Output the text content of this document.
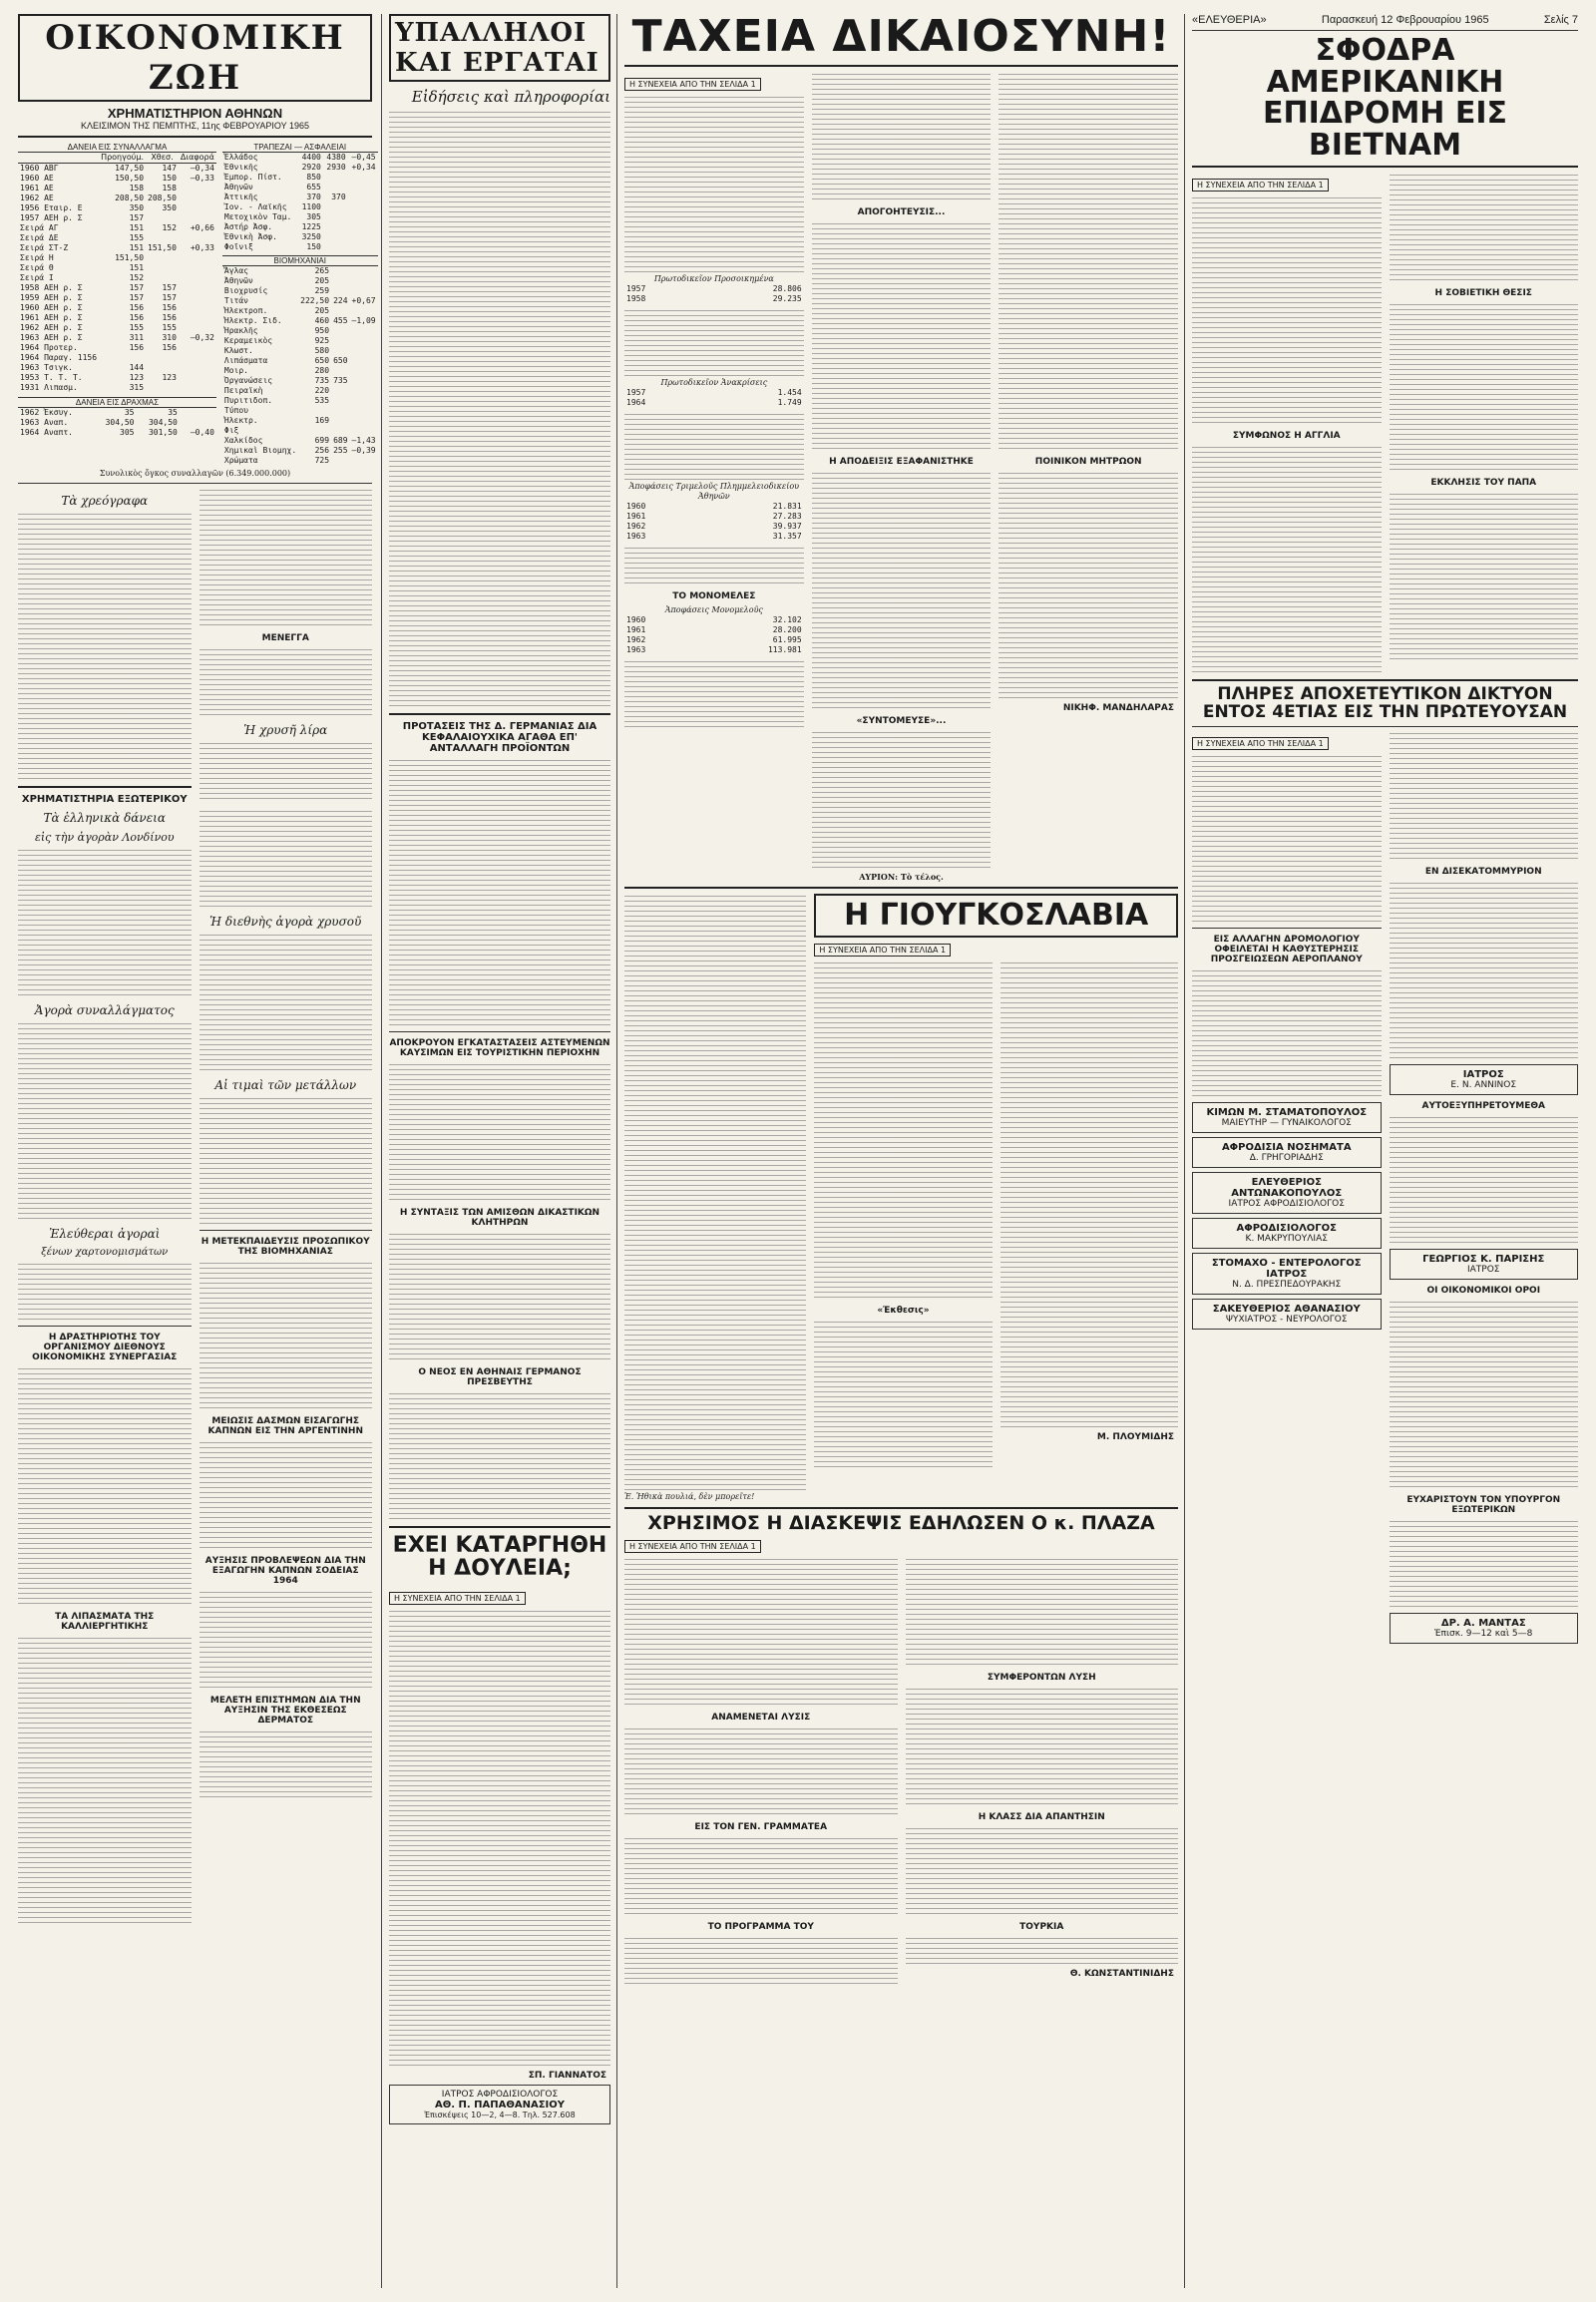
ΟΙΚΟΝΟΜΙΚΗ ΖΩΗ
ΧΡΗΜΑΤΙΣΤΗΡΙΟΝ ΑΘΗΝΩΝ
ΚΛΕΙΣΙΜΟΝ ΤΗΣ ΠΕΜΠΤΗΣ, 11ης ΦΕΒΡΟΥΑΡΙΟΥ 1965
ΔΑΝΕΙΑ ΕΙΣ ΣΥΝΑΛΛΑΓΜΑ
	Προηγούμ.	Χθεσ.	Διαφορά
1960 ΑΒΓ	147,50	147	—0,34
1960 ΑΕ	150,50	150	—0,33
1961 ΑΕ	158	158	
1962 ΑΕ	208,50	208,50	
1956 Εταιρ. Ε	350	350	
1957 ΑΕΗ ρ. Σ	157		
Σειρά ΑΓ	151	152	+0,66
Σειρά ΔΕ	155		
Σειρά ΣΤ-Ζ	151	151,50	+0,33
Σειρά Η	151,50		
Σειρά Θ	151		
Σειρά Ι	152		
1958 ΑΕΗ ρ. Σ	157	157	
1959 ΑΕΗ ρ. Σ	157	157	
1960 ΑΕΗ ρ. Σ	156	156	
1961 ΑΕΗ ρ. Σ	156	156	
1962 ΑΕΗ ρ. Σ	155	155	
1963 ΑΕΗ ρ. Σ	311	310	—0,32
1964 Προτερ.	156	156	
1964 Παραγ. 1156			
1963 Τσιγκ.	144		
1953 Τ. Τ. Τ.	123	123	
1931 Λιπασμ.	315		
ΔΑΝΕΙΑ ΕΙΣ ΔΡΑΧΜΑΣ
1962 Ἐκσυγ.	35	35	
1963 Αναπ.	304,50	304,50	
1964 Αναπτ.	305	301,50	—0,40
ΤΡΑΠΕΖΑΙ — ΑΣΦΑΛΕΙΑΙ
Ἑλλάδος	4400	4380	—0,45
Ἐθνικῆς	2920	2930	+0,34
Ἐμπορ. Πίστ.	850		
Ἀθηνῶν	655		
Ἀττικῆς	370	370	
Ἰον. - Λαϊκῆς	1100		
Μετοχικὸν Ταμ.	305		
Ἀστήρ Ἀσφ.	1225		
Ἐθνικὴ Ἀσφ.	3250		
Φοῖνιξ	150		
ΒΙΟΜΗΧΑΝΙΑΙ
Ἄγλας	265		
Ἀθηνῶν	205		
Βιοχρυσίς	259		
Τιτάν	222,50	224	+0,67
Ἡλεκτροπ.	205		
Ἡλεκτρ. Σιδ.	460	455	—1,09
Ἡρακλῆς	950		
Κεραμεικὸς	925		
Κλωστ.	580		
Λιπάσματα	650	650	
Μοιρ.	280		
Ὀργανώσεις	735	735	
Πειραϊκὴ	220		
Πυριτιδοπ.	535		
Τύπου			
Ἠλεκτρ.	169		
Φιξ			
Χαλκίδος	699	689	—1,43
Χημικαὶ Βιομηχ.	256	255	—0,39
Χρώματα	725		
Συνολικὸς ὄγκος συναλλαγῶν (6.349.000.000)
Τὰ χρεόγραφα
ΧΡΗΜΑΤΙΣΤΗΡΙΑ ΕΞΩΤΕΡΙΚΟΥ
Τὰ ἑλληνικὰ δάνεια
εἰς τὴν ἀγορὰν Λονδίνου
Ἀγορὰ συναλλάγματος
Ἐλεύθεραι ἀγοραὶ
ξένων χαρτονομισμάτων
Η ΔΡΑΣΤΗΡΙΟΤΗΣ ΤΟΥ ΟΡΓΑΝΙΣΜΟΥ ΔΙΕΘΝΟΥΣ ΟΙΚΟΝΟΜΙΚΗΣ ΣΥΝΕΡΓΑΣΙΑΣ
ΤΑ ΛΙΠΑΣΜΑΤΑ ΤΗΣ ΚΑΛΛΙΕΡΓΗΤΙΚΗΣ
ΜΕΝΕΓΓΑ
Ἡ χρυσῆ λίρα
Ἡ διεθνὴς ἀγορὰ χρυσοῦ
Αἱ τιμαὶ τῶν μετάλλων
Η ΜΕΤΕΚΠΑΙΔΕΥΣΙΣ ΠΡΟΣΩΠΙΚΟΥ ΤΗΣ ΒΙΟΜΗΧΑΝΙΑΣ
ΜΕΙΩΣΙΣ ΔΑΣΜΩΝ ΕΙΣΑΓΩΓΗΣ ΚΑΠΝΩΝ ΕΙΣ ΤΗΝ ΑΡΓΕΝΤΙΝΗΝ
ΑΥΞΗΣΙΣ ΠΡΟΒΛΕΨΕΩΝ ΔΙΑ ΤΗΝ ΕΞΑΓΩΓΗΝ ΚΑΠΝΩΝ ΣΟΔΕΙΑΣ 1964
ΜΕΛΕΤΗ ΕΠΙΣΤΗΜΩΝ ΔΙΑ ΤΗΝ ΑΥΞΗΣΙΝ ΤΗΣ ΕΚΘΕΣΕΩΣ ΔΕΡΜΑΤΟΣ
ΥΠΑΛΛΗΛΟΙ ΚΑΙ ΕΡΓΑΤΑΙ
Εἰδήσεις καὶ πληροφορίαι
ΠΡΟΤΑΣΕΙΣ ΤΗΣ Δ. ΓΕΡΜΑΝΙΑΣ ΔΙΑ ΚΕΦΑΛΑΙΟΥΧΙΚΑ ΑΓΑΘΑ ΕΠ' ΑΝΤΑΛΛΑΓΗ ΠΡΟΪΟΝΤΩΝ
ΑΠΟΚΡΟΥΟΝ ΕΓΚΑΤΑΣΤΑΣΕΙΣ ΑΣΤΕΥΜΕΝΩΝ ΚΑΥΣΙΜΩΝ ΕΙΣ ΤΟΥΡΙΣΤΙΚΗΝ ΠΕΡΙΟΧΗΝ
Η ΣΥΝΤΑΞΙΣ ΤΩΝ ΑΜΙΣΘΩΝ ΔΙΚΑΣΤΙΚΩΝ ΚΛΗΤΗΡΩΝ
Ο ΝΕΟΣ ΕΝ ΑΘΗΝΑΙΣ ΓΕΡΜΑΝΟΣ ΠΡΕΣΒΕΥΤΗΣ
ΕΧΕΙ ΚΑΤΑΡΓΗΘΗ Η ΔΟΥΛΕΙΑ;
Η ΣΥΝΕΧΕΙΑ ΑΠΟ ΤΗΝ ΣΕΛΙΔΑ 1
ΣΠ. ΓΙΑΝΝΑΤΟΣ
ΙΑΤΡΟΣ ΑΦΡΟΔΙΣΙΟΛΟΓΟΣ
ΑΘ. Π. ΠΑΠΑΘΑΝΑΣΙΟΥ
Ἐπισκέψεις 10—2, 4—8. Τηλ. 527.608
ΤΑΧΕΙΑ ΔΙΚΑΙΟΣΥΝΗ!
Η ΣΥΝΕΧΕΙΑ ΑΠΟ ΤΗΝ ΣΕΛΙΔΑ 1
Πρωτοδικεῖον Προσοικημένα
1957	28.806
1958	29.235
Πρωτοδικεῖον Ἀνακρίσεις
1957	1.454
1964	1.749
Ἀποφάσεις Τριμελοῦς Πλημμελειοδικείου Ἀθηνῶν
1960	21.831
1961	27.283
1962	39.937
1963	31.357
ΤΟ ΜΟΝΟΜΕΛΕΣ
Ἀποφάσεις Μονομελοῦς
1960	32.102
1961	28.200
1962	61.995
1963	113.981
ΑΠΟΓΟΗΤΕΥΣΙΣ...
Η ΑΠΟΔΕΙΞΙΣ ΕΞΑΦΑΝΙΣΤΗΚΕ
«ΣΥΝΤΟΜΕΥΣΕ»...
ΠΟΙΝΙΚΟΝ ΜΗΤΡΩΟΝ
ΝΙΚΗΦ. ΜΑΝΔΗΛΑΡΑΣ
ΑΥΡΙΟΝ: Τὸ τέλος.
Η ΓΙΟΥΓΚΟΣΛΑΒΙΑ
Η ΣΥΝΕΧΕΙΑ ΑΠΟ ΤΗΝ ΣΕΛΙΔΑ 1
«Ἐκθεσις»
Μ. ΠΛΟΥΜΙΔΗΣ
Ἑ. Ἡθικὰ πουλιά, δὲν μπορεῖτε!
ΧΡΗΣΙΜΟΣ Η ΔΙΑΣΚΕΨΙΣ ΕΔΗΛΩΣΕΝ Ο κ. ΠΛΑΖΑ
Η ΣΥΝΕΧΕΙΑ ΑΠΟ ΤΗΝ ΣΕΛΙΔΑ 1
ΑΝΑΜΕΝΕΤΑΙ ΛΥΣΙΣ
ΕΙΣ ΤΟΝ ΓΕΝ. ΓΡΑΜΜΑΤΕΑ
ΤΟ ΠΡΟΓΡΑΜΜΑ ΤΟΥ
ΣΥΜΦΕΡΟΝΤΩΝ ΛΥΣΗ
Η ΚΛΑΣΣ ΔΙΑ ΑΠΑΝΤΗΣΙΝ
ΤΟΥΡΚΙΑ
Θ. ΚΩΝΣΤΑΝΤΙΝΙΔΗΣ
«ΕΛΕΥΘΕΡΙΑ»	Παρασκευή 12 Φεβρουαρίου 1965	Σελίς 7
ΣΦΟΔΡΑ ΑΜΕΡΙΚΑΝΙΚΗ ΕΠΙΔΡΟΜΗ ΕΙΣ ΒΙΕΤΝΑΜ
Η ΣΥΝΕΧΕΙΑ ΑΠΟ ΤΗΝ ΣΕΛΙΔΑ 1
ΣΥΜΦΩΝΟΣ Η ΑΓΓΛΙΑ
Η ΣΟΒΙΕΤΙΚΗ ΘΕΣΙΣ
ΕΚΚΛΗΣΙΣ ΤΟΥ ΠΑΠΑ
ΠΛΗΡΕΣ ΑΠΟΧΕΤΕΥΤΙΚΟΝ ΔΙΚΤΥΟΝ ΕΝΤΟΣ 4ΕΤΙΑΣ ΕΙΣ ΤΗΝ ΠΡΩΤΕΥΟΥΣΑΝ
Η ΣΥΝΕΧΕΙΑ ΑΠΟ ΤΗΝ ΣΕΛΙΔΑ 1
ΕΙΣ ΑΛΛΑΓΗΝ ΔΡΟΜΟΛΟΓΙΟΥ ΟΦΕΙΛΕΤΑΙ Η ΚΑΘΥΣΤΕΡΗΣΙΣ ΠΡΟΣΓΕΙΩΣΕΩΝ ΑΕΡΟΠΛΑΝΟΥ
ΚΙΜΩΝ Μ. ΣΤΑΜΑΤΟΠΟΥΛΟΣ
ΜΑΙΕΥΤΗΡ — ΓΥΝΑΙΚΟΛΟΓΟΣ
ΑΦΡΟΔΙΣΙΑ ΝΟΣΗΜΑΤΑ
Δ. ΓΡΗΓΟΡΙΑΔΗΣ
ΕΛΕΥΘΕΡΙΟΣ ΑΝΤΩΝΑΚΟΠΟΥΛΟΣ
ΙΑΤΡΟΣ ΑΦΡΟΔΙΣΙΟΛΟΓΟΣ
ΑΦΡΟΔΙΣΙΟΛΟΓΟΣ
Κ. ΜΑΚΡΥΠΟΥΛΙΑΣ
ΣΤΟΜΑΧΟ - ΕΝΤΕΡΟΛΟΓΟΣ ΙΑΤΡΟΣ
Ν. Δ. ΠΡΕΣΠΕΔΟΥΡΑΚΗΣ
ΣΑΚΕΥΘΕΡΙΟΣ ΑΘΑΝΑΣΙΟΥ
ΨΥΧΙΑΤΡΟΣ - ΝΕΥΡΟΛΟΓΟΣ
ΕΝ ΔΙΣΕΚΑΤΟΜΜΥΡΙΟΝ
ΙΑΤΡΟΣ
Ε. Ν. ΑΝΝΙΝΟΣ
ΑΥΤΟΕΞΥΠΗΡΕΤΟΥΜΕΘΑ
ΓΕΩΡΓΙΟΣ Κ. ΠΑΡΙΣΗΣ
ΙΑΤΡΟΣ
ΟΙ ΟΙΚΟΝΟΜΙΚΟΙ ΟΡΟΙ
ΕΥΧΑΡΙΣΤΟΥΝ ΤΟΝ ΥΠΟΥΡΓΟΝ ΕΞΩΤΕΡΙΚΩΝ
ΔΡ. Α. ΜΑΝΤΑΣ
Ἐπισκ. 9—12 καὶ 5—8
